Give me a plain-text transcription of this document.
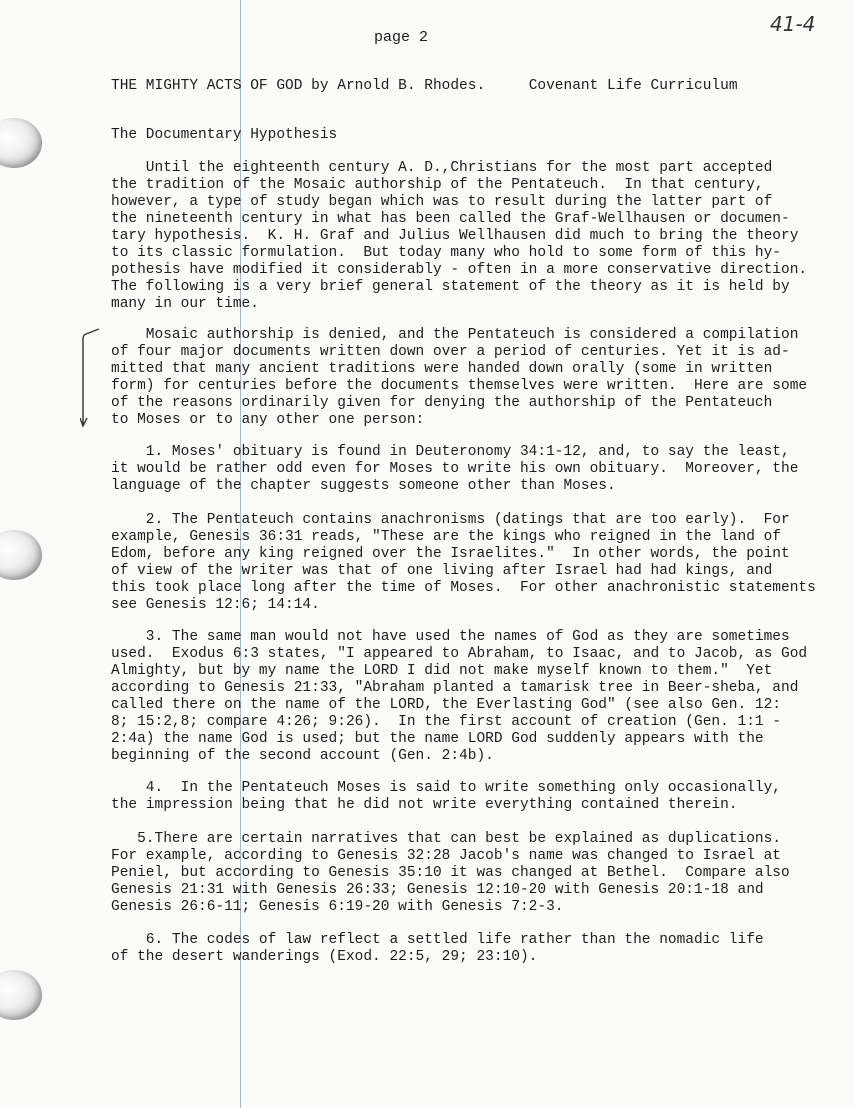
41-4
page 2
THE MIGHTY ACTS OF GOD by Arnold B. Rhodes.	Covenant Life Curriculum
The Documentary Hypothesis
Until the eighteenth century A. D.,Christians for the most part accepted
the tradition of the Mosaic authorship of the Pentateuch.  In that century,
however, a type of study began which was to result during the latter part of
the nineteenth century in what has been called the Graf-Wellhausen or documen-
tary hypothesis.  K. H. Graf and Julius Wellhausen did much to bring the theory
to its classic formulation.  But today many who hold to some form of this hy-
pothesis have modified it considerably - often in a more conservative direction.
The following is a very brief general statement of the theory as it is held by
many in our time.
Mosaic authorship is denied, and the Pentateuch is considered a compilation
of four major documents written down over a period of centuries. Yet it is ad-
mitted that many ancient traditions were handed down orally (some in written
form) for centuries before the documents themselves were written.  Here are some
of the reasons ordinarily given for denying the authorship of the Pentateuch
to Moses or to any other one person:
1. Moses' obituary is found in Deuteronomy 34:1-12, and, to say the least,
it would be rather odd even for Moses to write his own obituary.  Moreover, the
language of the chapter suggests someone other than Moses.
2. The Pentateuch contains anachronisms (datings that are too early).  For
example, Genesis 36:31 reads, "These are the kings who reigned in the land of
Edom, before any king reigned over the Israelites."  In other words, the point
of view of the writer was that of one living after Israel had had kings, and
this took place long after the time of Moses.  For other anachronistic statements
see Genesis 12:6; 14:14.
3. The same man would not have used the names of God as they are sometimes
used.  Exodus 6:3 states, "I appeared to Abraham, to Isaac, and to Jacob, as God
Almighty, but by my name the LORD I did not make myself known to them."  Yet
according to Genesis 21:33, "Abraham planted a tamarisk tree in Beer-sheba, and
called there on the name of the LORD, the Everlasting God" (see also Gen. 12:
8; 15:2,8; compare 4:26; 9:26).  In the first account of creation (Gen. 1:1 -
2:4a) the name God is used; but the name LORD God suddenly appears with the
beginning of the second account (Gen. 2:4b).
4.  In the Pentateuch Moses is said to write something only occasionally,
the impression being that he did not write everything contained therein.
5.There are certain narratives that can best be explained as duplications.
For example, according to Genesis 32:28 Jacob's name was changed to Israel at
Peniel, but according to Genesis 35:10 it was changed at Bethel.  Compare also
Genesis 21:31 with Genesis 26:33; Genesis 12:10-20 with Genesis 20:1-18 and
Genesis 26:6-11; Genesis 6:19-20 with Genesis 7:2-3.
6. The codes of law reflect a settled life rather than the nomadic life
of the desert wanderings (Exod. 22:5, 29; 23:10).
